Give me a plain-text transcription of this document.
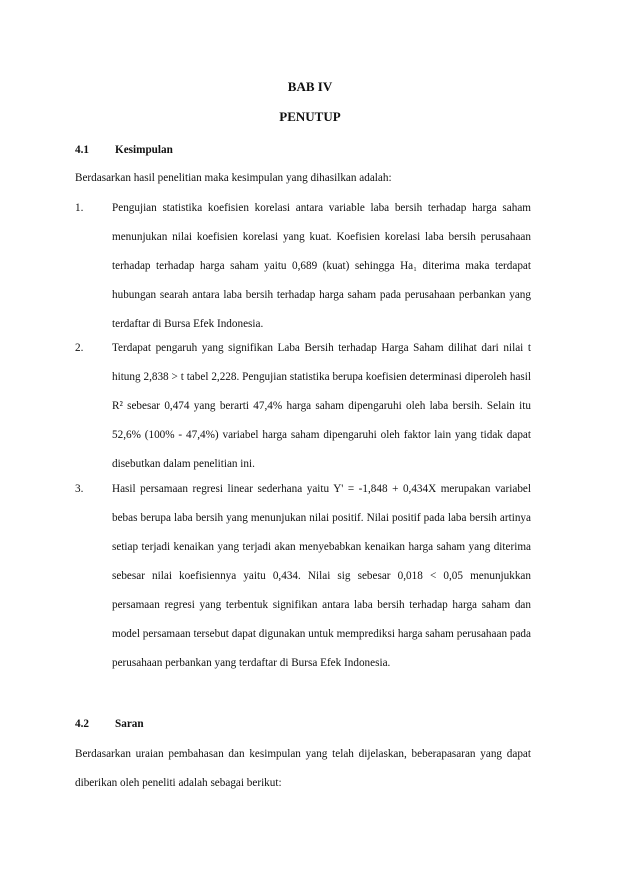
BAB IV
PENUTUP
4.1 Kesimpulan

Berdasarkan hasil penelitian maka kesimpulan yang dihasilkan adalah:

1.	Pengujian statistika koefisien korelasi antara variable laba bersih terhadap harga saham menunjukan nilai koefisien korelasi yang kuat. Koefisien korelasi laba bersih perusahaan terhadap terhadap harga saham yaitu 0,689 (kuat) sehingga Ha₁ diterima maka terdapat hubungan searah antara laba bersih terhadap harga saham pada perusahaan perbankan yang terdaftar di Bursa Efek Indonesia.

2.	Terdapat pengaruh yang signifikan Laba Bersih terhadap Harga Saham dilihat dari nilai t hitung 2,838 > t tabel 2,228. Pengujian statistika berupa koefisien determinasi diperoleh hasil R² sebesar 0,474 yang berarti 47,4% harga saham dipengaruhi oleh laba bersih. Selain itu 52,6% (100% - 47,4%) variabel harga saham dipengaruhi oleh faktor lain yang tidak dapat disebutkan dalam penelitian ini.

3.	Hasil persamaan regresi linear sederhana yaitu Y' = -1,848 + 0,434X merupakan variabel bebas berupa laba bersih yang menunjukan nilai positif. Nilai positif pada laba bersih artinya setiap terjadi kenaikan yang terjadi akan menyebabkan kenaikan harga saham yang diterima sebesar nilai koefisiennya yaitu 0,434. Nilai sig sebesar 0,018 < 0,05 menunjukkan persamaan regresi yang terbentuk signifikan antara laba bersih terhadap harga saham dan model persamaan tersebut dapat digunakan untuk memprediksi harga saham perusahaan pada perusahaan perbankan yang terdaftar di Bursa Efek Indonesia.

4.2 Saran

Berdasarkan uraian pembahasan dan kesimpulan yang telah dijelaskan, beberapasaran yang dapat diberikan oleh peneliti adalah sebagai berikut:
